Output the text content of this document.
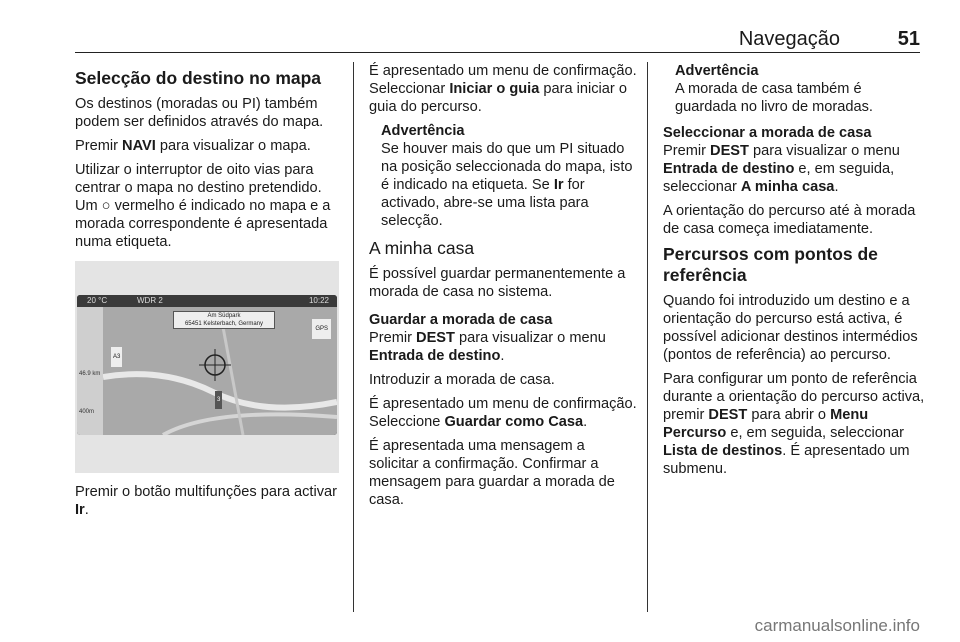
Navegação	51
Selecção do destino no mapa

Os destinos (moradas ou PI) também podem ser definidos através do mapa.

Premir NAVI para visualizar o mapa.

Utilizar o interruptor de oito vias para centrar o mapa no destino pretendido. Um ○ vermelho é indicado no mapa e a morada correspondente é apresentada numa etiqueta.

20 °C	WDR 2	10:22
46.9 km
400m
Am Südpark
65451 Kelsterbach, Germany
GPS
A3
3

Premir o botão multifunções para activar Ir.

É apresentado um menu de confirmação. Seleccionar Iniciar o guia para iniciar o guia do percurso.

Advertência
Se houver mais do que um PI situado na posição seleccionada do mapa, isto é indicado na etiqueta. Se Ir for activado, abre-se uma lista para selecção.
A minha casa

É possível guardar permanentemente a morada de casa no sistema.

Guardar a morada de casa

Premir DEST para visualizar o menu Entrada de destino.

Introduzir a morada de casa.

É apresentado um menu de confirmação. Seleccione Guardar como Casa.

É apresentada uma mensagem a solicitar a confirmação. Confirmar a mensagem para guardar a morada de casa.

Advertência
A morada de casa também é guardada no livro de moradas.
Seleccionar a morada de casa

Premir DEST para visualizar o menu Entrada de destino e, em seguida, seleccionar A minha casa.

A orientação do percurso até à morada de casa começa imediatamente.

Percursos com pontos de referência

Quando foi introduzido um destino e a orientação do percurso está activa, é possível adicionar destinos intermédios (pontos de referência) ao percurso.

Para configurar um ponto de referência durante a orientação do percurso activa, premir DEST para abrir o Menu Percurso e, em seguida, seleccionar Lista de destinos. É apresentado um submenu.

carmanualsonline.info
